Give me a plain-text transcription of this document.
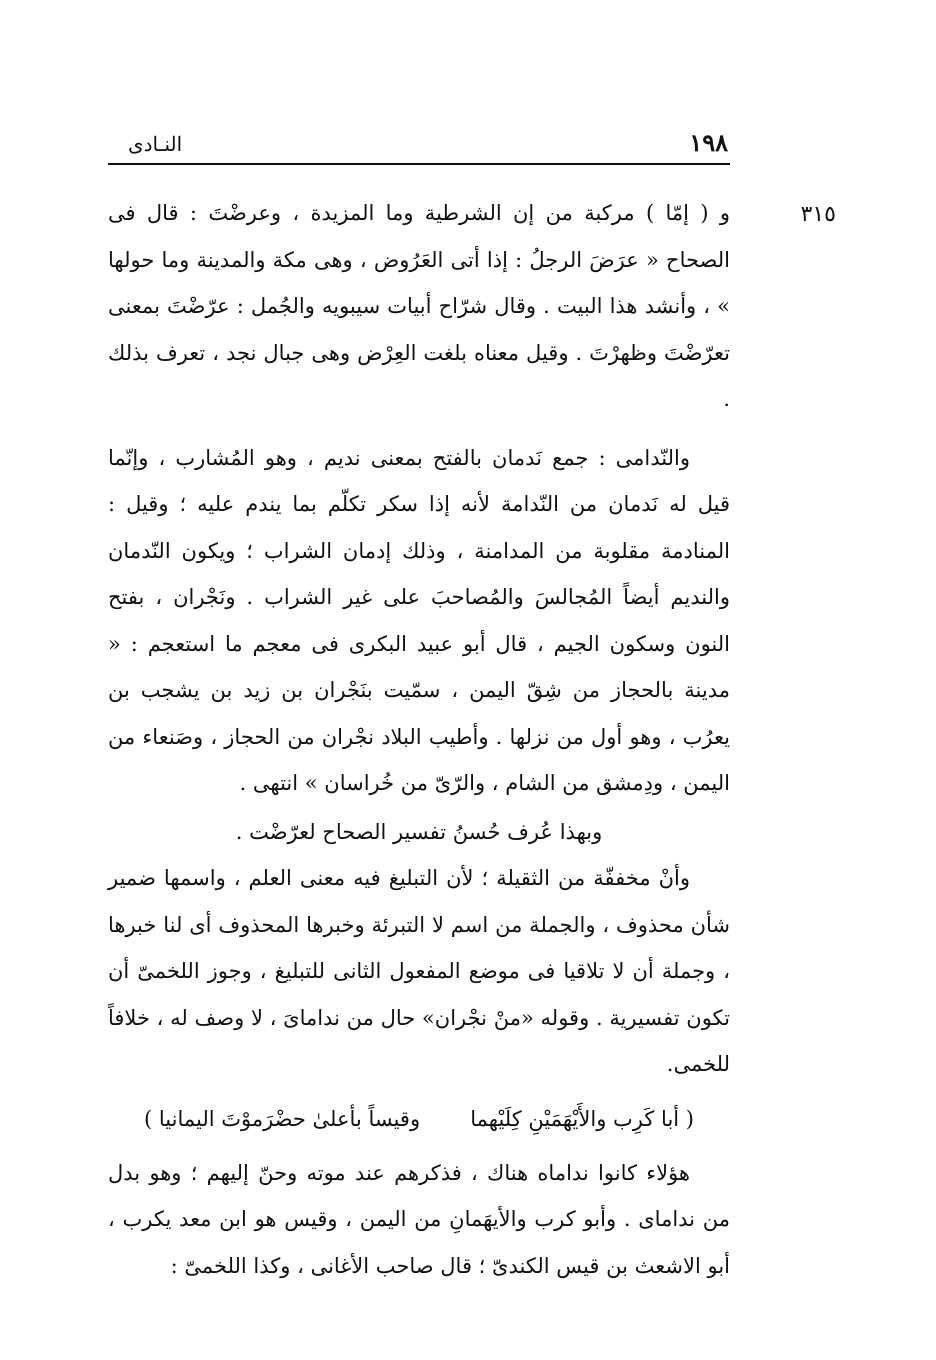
١٩٨
النـادى
٣١٥

و ( إمّا ) مركبة من إن الشرطية وما المزيدة ، وعرضْتَ : قال فى الصحاح « عرَضَ الرجلُ : إذا أتى العَرُوض ، وهى مكة والمدينة وما حولها » ، وأنشد هذا البيت . وقال شرّاح أبيات سيبويه والجُمل : عرّضْتَ بمعنى تعرّضْتَ وظهرْتَ . وقيل معناه بلغت العِرْض وهى جبال نجد ، تعرف بذلك .

والنّدامى : جمع نَدمان بالفتح بمعنى نديم ، وهو المُشارب ، وإنّما قيل له نَدمان من النّدامة لأنه إذا سكر تكلّم بما يندم عليه ؛ وقيل : المنادمة مقلوبة من المدامنة ، وذلك إدمان الشراب ؛ ويكون النّدمان والنديم أيضاً المُجالسَ والمُصاحبَ على غير الشراب . ونَجْران ، بفتح النون وسكون الجيم ، قال أبو عبيد البكرى فى معجم ما استعجم : « مدينة بالحجاز من شِقّ اليمن ، سمّيت بنَجْران بن زيد بن يشجب بن يعرُب ، وهو أول من نزلها . وأطيب البلاد نجْران من الحجاز ، وصَنعاء من اليمن ، ودِمشق من الشام ، والرّىّ من خُراسان » انتهى .

وبهذا عُرف حُسنُ تفسير الصحاح لعرّضْت .

وأنْ مخففّة من الثقيلة ؛ لأن التبليغ فيه معنى العلم ، واسمها ضمير شأن محذوف ، والجملة من اسم لا التبرئة وخبرها المحذوف أى لنا خبرها ، وجملة أن لا تلاقيا فى موضع المفعول الثانى للتبليغ ، وجوز اللخمىّ أن تكون تفسيرية . وقوله «منْ نجْران» حال من نداماىَ ، لا وصف له ، خلافاً للخمى.

( أبا كَرِب والأَيْهَمَيْنِ كِلَيْهما
وقيساً بأعلىٰ حضْرَموْتَ اليمانيا )

هؤلاء كانوا نداماه هناك ، فذكرهم عند موته وحنّ إليهم ؛ وهو بدل من نداماى . وأبو كرب والأيهَمانِ من اليمن ، وقيس هو ابن معد يكرب ، أبو الاشعث بن قيس الكندىّ ؛ قال صاحب الأغانى ، وكذا اللخمىّ :
